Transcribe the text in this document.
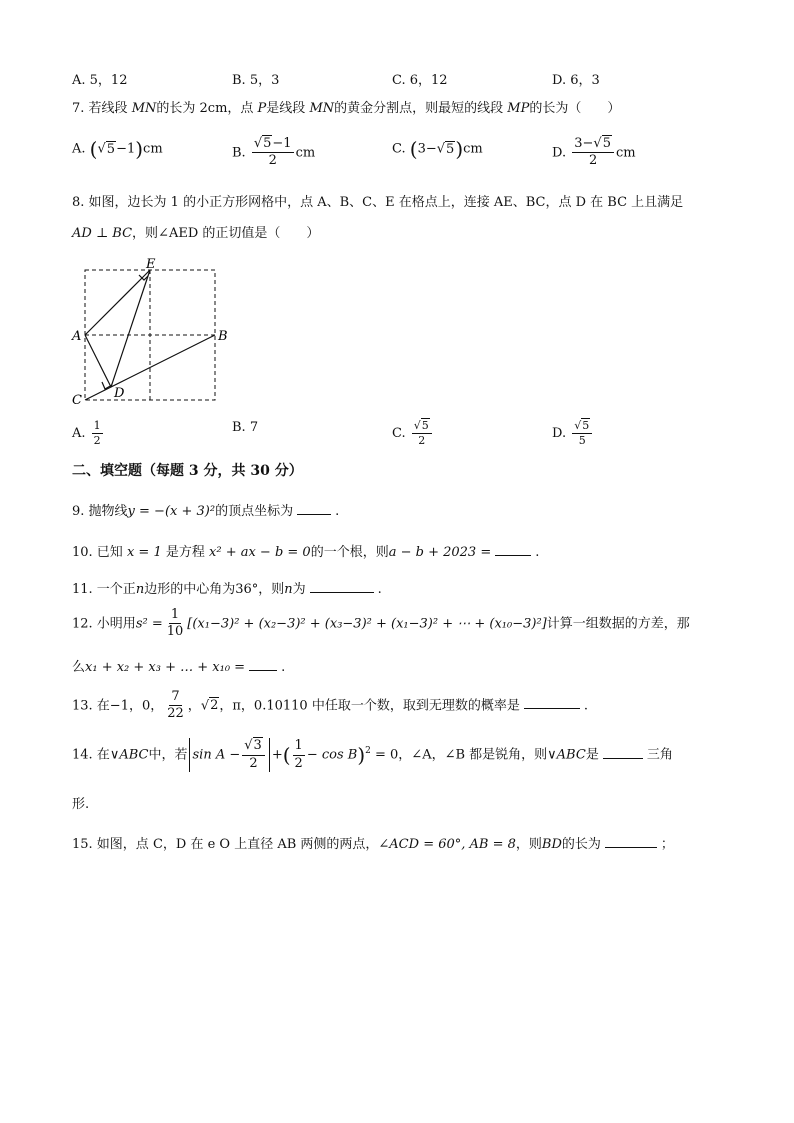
A. 5，12	B. 5，3	C. 6，12	D. 6，3
7. 若线段 MN的长为 2cm，点 P是线段 MN的黄金分割点，则最短的线段 MP的长为（　　）
A. (√5−1)cm	B. $\frac{√5-1}{2}$ cm	C. (3−√5)cm	D. $\frac{3-√5}{2}$ cm
8. 如图，边长为 1 的小正方形网格中，点 A、B、C、E 在格点上，连接 AE、BC，点 D 在 BC 上且满足
AD ⊥ BC，则∠AED 的正切值是（　　）
E
A	B
C D
A. $\frac{1}{2}$	B. 7	C. $\frac{√5}{2}$	D. $\frac{√5}{5}$
二、填空题（每题 3 分，共 30 分）
9. 抛物线y = −(x + 3)²的顶点坐标为	.
10. 已知 x = 1 是方程 x² + ax − b = 0的一个根，则a − b + 2023 =	.
11. 一个正n边形的中心角为36°，则n为	.
12. 小明用$s^2 = \frac{1}{10} [(x_1-3)^2 + (x_2-3)^2 + (x_3-3)^2 + (x_1-3)^2$ + ⋯ + (x₁₀−3)²]计算一组数据的方差，那
么x₁ + x₂ + x₃ + … + x₁₀ =	.
13. 在−1，0， $\frac{7}{22}$ ，√2，π，0.10110 中任取一个数，取到无理数的概率是	.
14. 在∨ABC中，若 $\sin A - \frac{√3}{2}$ +( $\frac{1}{2} - \cos B)^2 = 0$，∠A，∠B 都是锐角，则∨ABC是	三角
形.
15. 如图，点 C，D 在 e O 上直径 AB 两侧的两点，∠ACD = 60°, AB = 8，则BD的长为	；
